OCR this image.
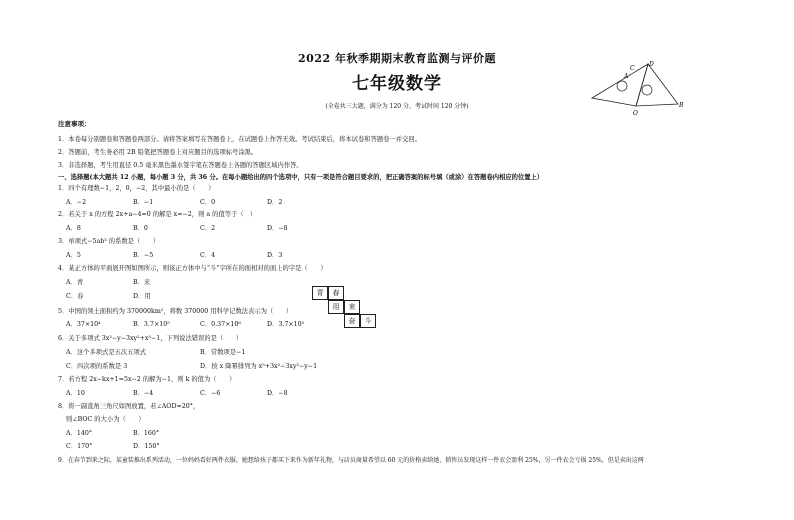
2022 年秋季期期末教育监测与评价题
七年级数学
(全卷共三大题，满分为 120 分，考试时间 120 分钟)
A
D
B
O
C
注意事项：
1．本卷每分别题卷和答题卷两部分。请将答案填写在答题卷上，在试题卷上作答无效。考试结束后，将本试卷和答题卷一并交回。
2．答题前，考生务必用 2B 铅笔把答题卷上对应题目的选项标号涂黑。
3．非选择题，考生用直径 0.5 毫米黑色墨水签字笔在答题卷上各题的答题区域内作答。
一、选择题(本大题共 12 小题，每小题 3 分，共 36 分。在每小题给出的四个选项中，只有一项是符合题目要求的，把正确答案的标号填（或涂）在答题卷内相应的位置上）
1．四个有理数−1，2，0，−2，其中最小的是（　　）
A．−2	B．−1	C．0	D．2
2．若关于 x 的方程 2x+a−4=0 的解是 x=−2，则 a 的值等于（　）
A．8	B．0	C．2	D．−8
3．单项式−5ab³ 的系数是（　　）
A．5	B．−5	C．4	D．3
4．某正方体的平面展开图如图所示，则该正方体中与“斗”字所在的面相对的面上的字是（　　）
A．青	B．来
C．春	D．用	青	春
用	来
奋	斗
5．中国的领土面积约为 370000km²，将数 370000 用科学记数法表示为（　　）
A．37×10⁴	B．3.7×10⁵	C．0.37×10⁶	D．3.7×10⁵
6．关于多项式 3x²−y−3xy²+x⁵−1，下列说法错误的是（　　）
A．这个多项式是五次五项式	B．常数项是−1
C．四次项的系数是 3	D．按 x 降幂排列为 x⁵+3x²−3xy²−y−1
7．若方程 2x−kx+1=5x−2 的解为−1，则 k 的值为（　　）
A．10	B．−4	C．−6	D．−8
8．将一副直角三角尺如图放置，若∠AOD=20°，
则∠BOC 的大小为（　　）
A．140°	B．160°
C．170°	D．150°
9．在春节到来之际，某童装推出系列活动，一位妈妈看好两件衣服，她想给孩子都买下来作为新年礼物，与店员商量希望以 60 元的价格卖给她，销售员发现这样一件衣会盈利 25%，另一件衣会亏损 25%，但是卖出这两
